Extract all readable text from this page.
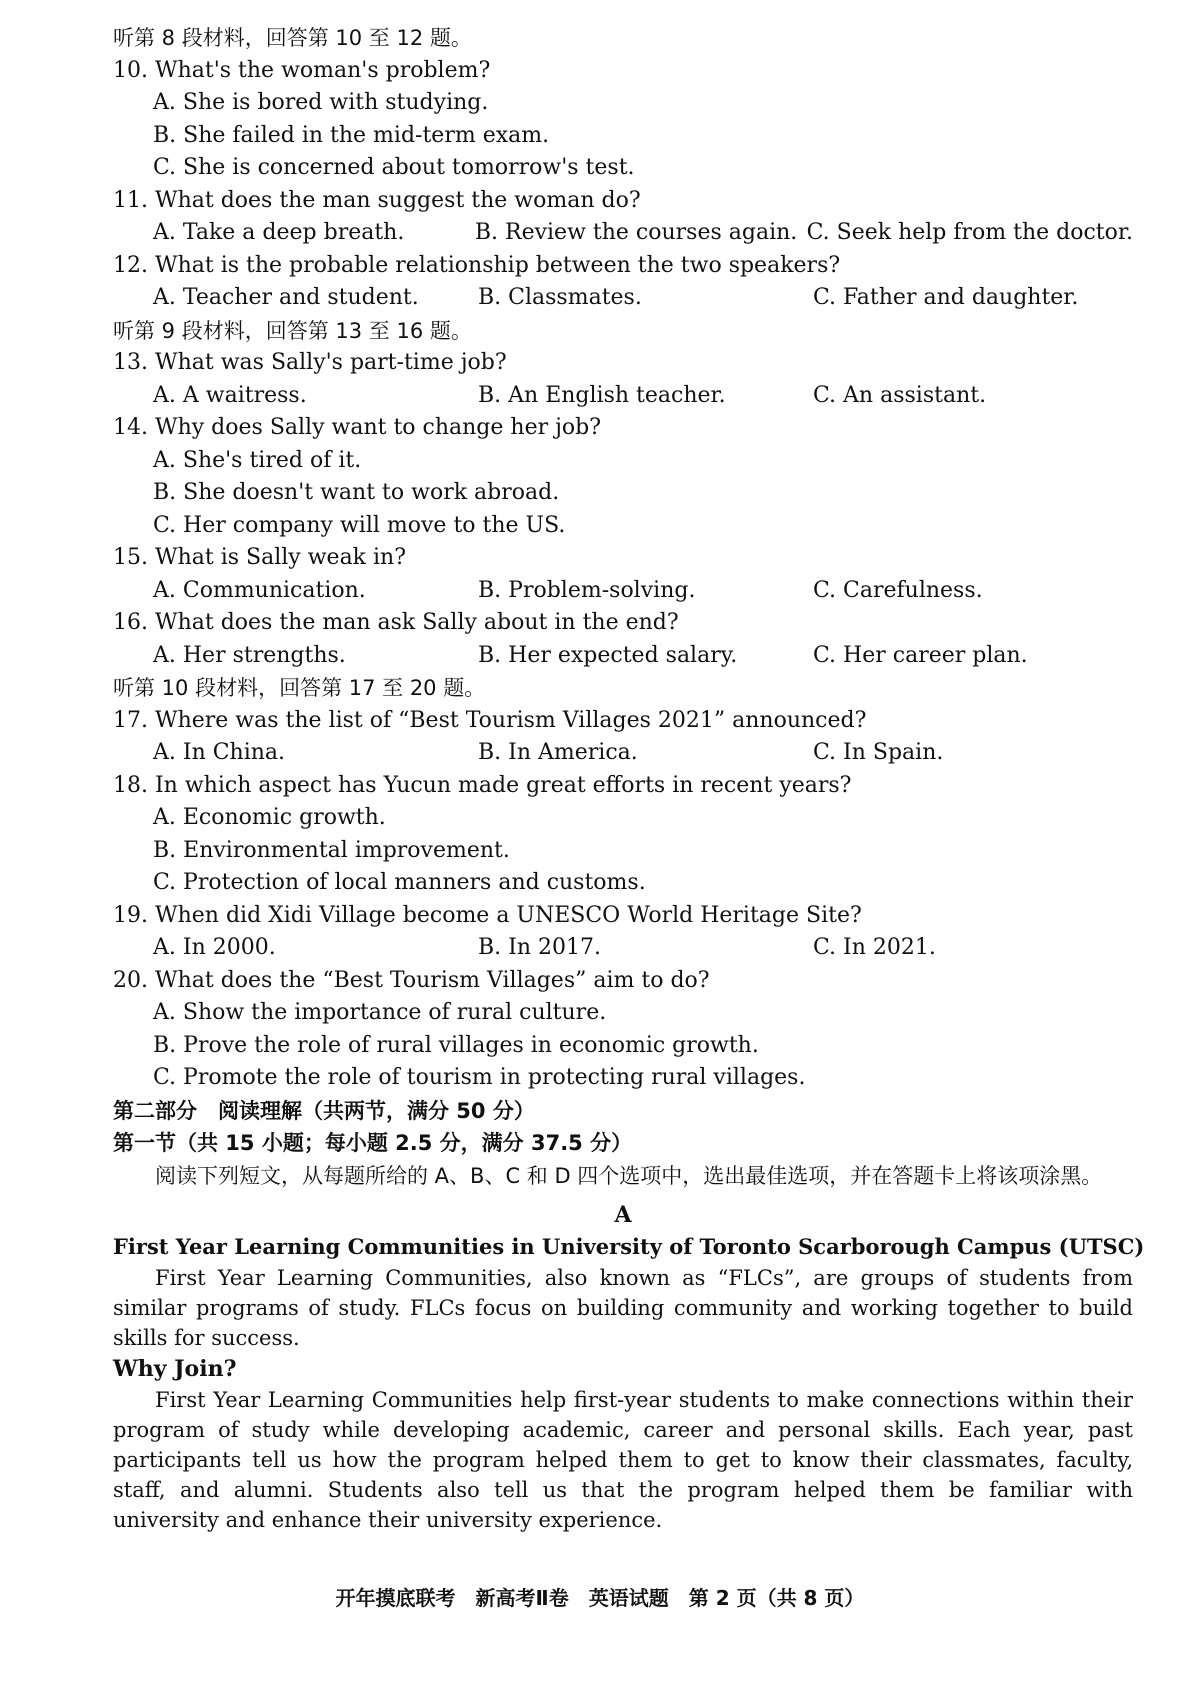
听第 8 段材料，回答第 10 至 12 题。
10. What's the woman's problem?
A. She is bored with studying.
B. She failed in the mid-term exam.
C. She is concerned about tomorrow's test.
11. What does the man suggest the woman do?
A. Take a deep breath.	B. Review the courses again. C. Seek help from the doctor.
12. What is the probable relationship between the two speakers?
A. Teacher and student.	B. Classmates.	C. Father and daughter.
听第 9 段材料，回答第 13 至 16 题。
13. What was Sally's part-time job?
A. A waitress.	B. An English teacher.	C. An assistant.
14. Why does Sally want to change her job?
A. She's tired of it.
B. She doesn't want to work abroad.
C. Her company will move to the US.
15. What is Sally weak in?
A. Communication.	B. Problem-solving.	C. Carefulness.
16. What does the man ask Sally about in the end?
A. Her strengths.	B. Her expected salary.	C. Her career plan.
听第 10 段材料，回答第 17 至 20 题。
17. Where was the list of “Best Tourism Villages 2021” announced?
A. In China.	B. In America.	C. In Spain.
18. In which aspect has Yucun made great efforts in recent years?
A. Economic growth.
B. Environmental improvement.
C. Protection of local manners and customs.
19. When did Xidi Village become a UNESCO World Heritage Site?
A. In 2000.	B. In 2017.	C. In 2021.
20. What does the “Best Tourism Villages” aim to do?
A. Show the importance of rural culture.
B. Prove the role of rural villages in economic growth.
C. Promote the role of tourism in protecting rural villages.
第二部分　阅读理解（共两节，满分 50 分）
第一节（共 15 小题；每小题 2.5 分，满分 37.5 分）
阅读下列短文，从每题所给的 A、B、C 和 D 四个选项中，选出最佳选项，并在答题卡上将该项涂黑。
A
First Year Learning Communities in University of Toronto Scarborough Campus (UTSC)
First Year Learning Communities, also known as “FLCs”, are groups of students from similar programs of study. FLCs focus on building community and working together to build skills for success.
Why Join?
First Year Learning Communities help first-year students to make connections within their program of study while developing academic, career and personal skills. Each year, past participants tell us how the program helped them to get to know their classmates, faculty, staff, and alumni. Students also tell us that the program helped them be familiar with university and enhance their university experience.
开年摸底联考　新高考Ⅱ卷　英语试题　第 2 页（共 8 页）
